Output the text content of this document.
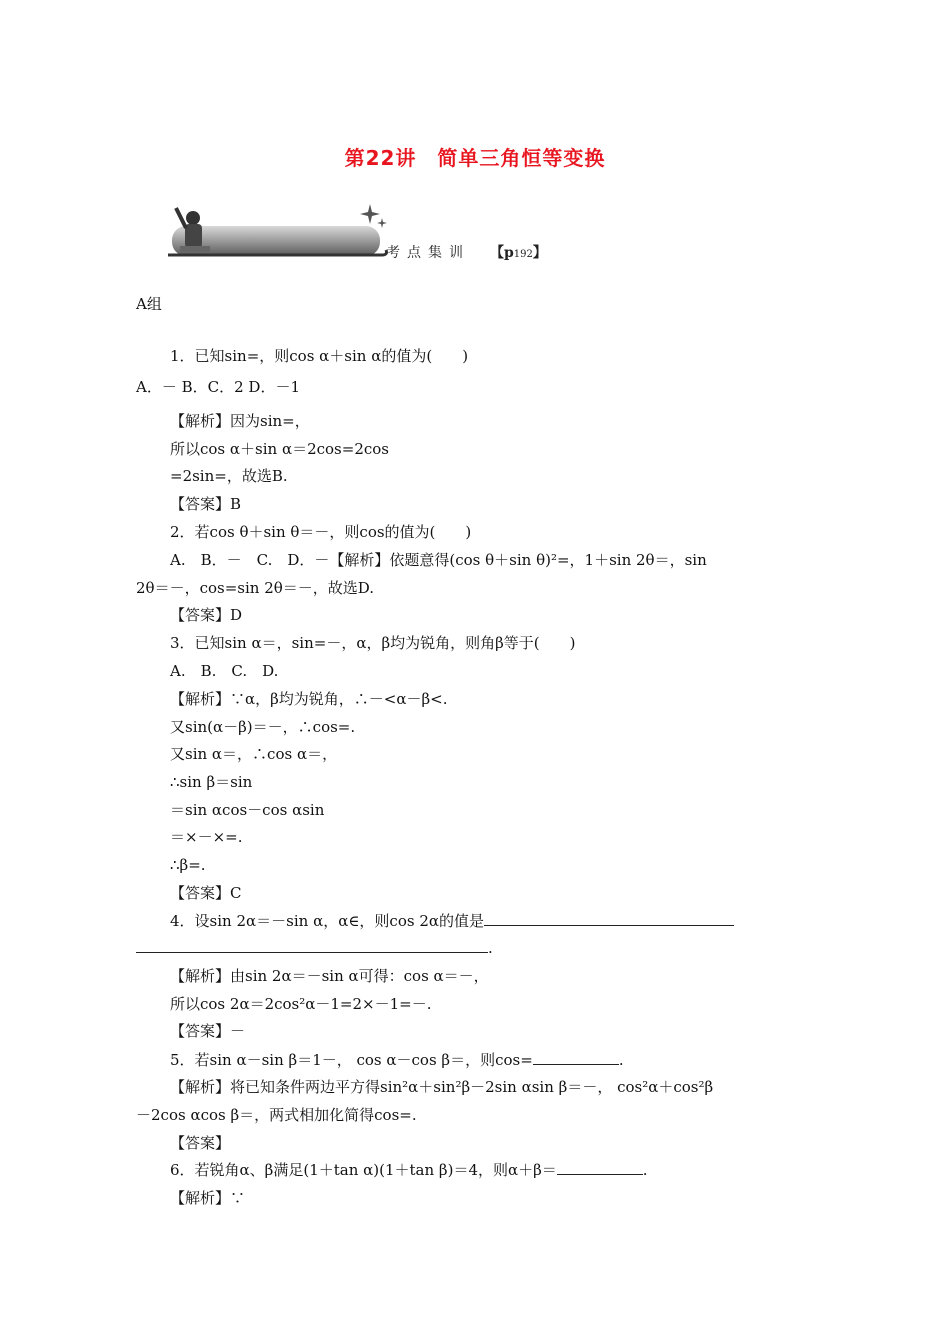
第22讲　简单三角恒等变换
考点集训 【p192】
A组
1．已知sin=，则cos α＋sin α的值为(　　)
A．－ B．C．2 D．－1
【解析】因为sin=，
所以cos α＋sin α＝2cos=2cos
=2sin=，故选B.
【答案】B
2．若cos θ＋sin θ＝－，则cos的值为(　　)
A.　B．－　C.　D．－【解析】依题意得(cos θ＋sin θ)²=，1＋sin 2θ＝，sin
2θ＝－，cos=sin 2θ＝－，故选D.
【答案】D
3．已知sin α＝，sin=－，α，β均为锐角，则角β等于(　　)
A.　B.　C.　D.
【解析】∵α，β均为锐角，∴－<α－β<.
又sin(α－β)＝－，∴cos=.
又sin α＝，∴cos α＝，
∴sin β＝sin
＝sin αcos－cos αsin
＝×－×=.
∴β=.
【答案】C
4．设sin 2α＝－sin α，α∈，则cos 2α的值是
.
【解析】由sin 2α＝－sin α可得：cos α＝－，
所以cos 2α＝2cos²α－1=2×－1=－.
【答案】－
5．若sin α－sin β＝1－， cos α－cos β＝，则cos=	.
【解析】将已知条件两边平方得sin²α＋sin²β－2sin αsin β＝－， cos²α＋cos²β
－2cos αcos β＝，两式相加化简得cos=.
【答案】
6．若锐角α、β满足(1＋tan α)(1＋tan β)＝4，则α＋β＝	.
【解析】∵
